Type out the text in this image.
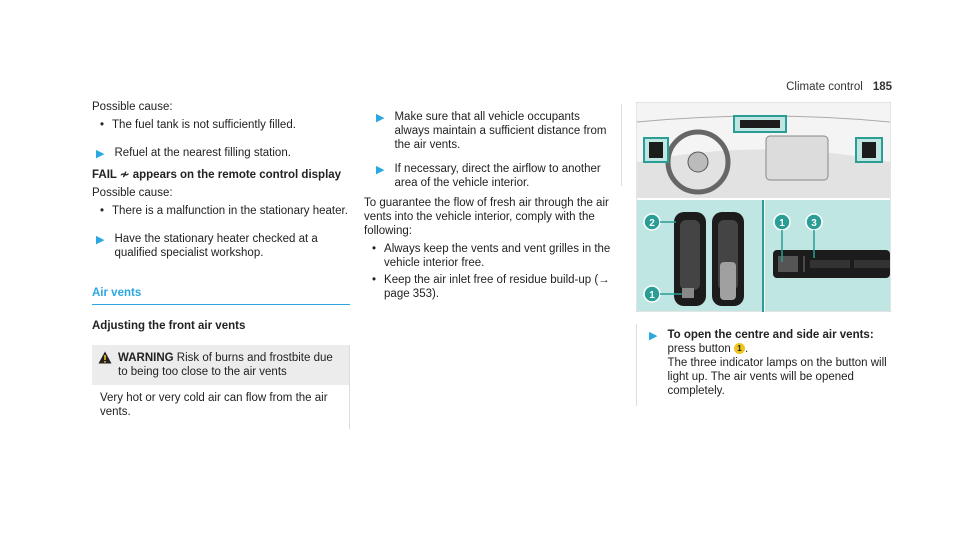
Climate control 185
Possible cause:
• The fuel tank is not sufficiently filled.
▶ Refuel at the nearest filling station.
FAIL ≁ appears on the remote control display
Possible cause:
• There is a malfunction in the stationary heater.
▶ Have the stationary heater checked at a qualified specialist workshop.
Air vents
Adjusting the front air vents
WARNING Risk of burns and frostbite due to being too close to the air vents
Very hot or very cold air can flow from the air vents.
▶ Make sure that all vehicle occupants always maintain a sufficient distance from the air vents.
▶ If necessary, direct the airflow to another area of the vehicle interior.
To guarantee the flow of fresh air through the air vents into the vehicle interior, comply with the following:
• Always keep the vents and vent grilles in the vehicle interior free.
• Keep the air inlet free of residue build-up (→ page 353).
2
1
1	3
▶ To open the centre and side air vents:
press button 1 .
The three indicator lamps on the button will light up. The air vents will be opened completely.
